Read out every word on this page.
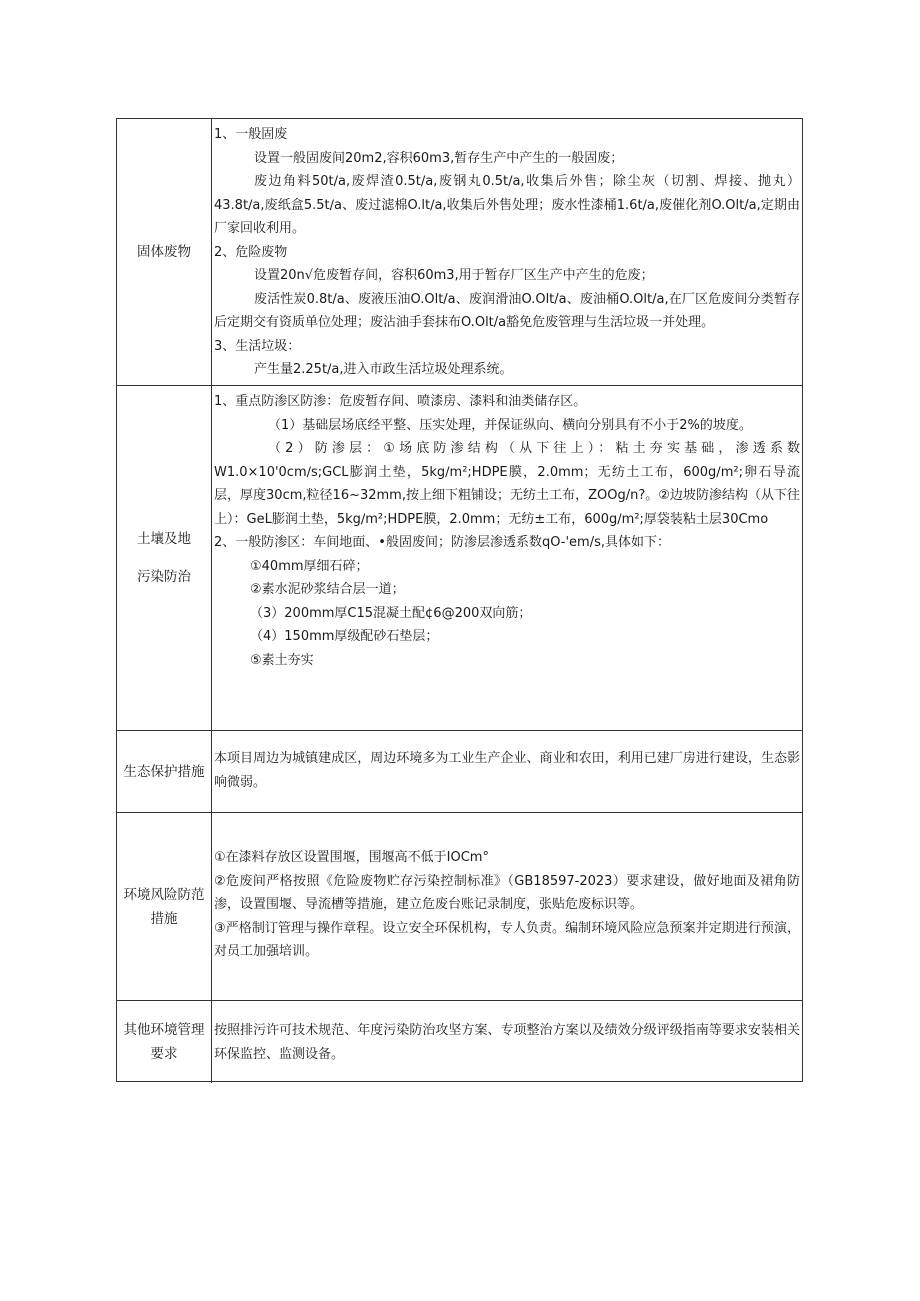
固体废物

1、一般固废

设置一般固废间20m2,容积60m3,暂存生产中产生的一般固废；

废边角料50t∕a,废焊渣0.5t∕a,废钢丸0.5t∕a,收集后外售；除尘灰（切割、焊接、抛丸）43.8t∕a,废纸盒5.5t∕a、废过滤棉O.lt∕a,收集后外售处理；废水性漆桶1.6t∕a,废催化剂O.Olt/a,定期由厂家回收利用。

2、危险废物

设置20n√危废暂存间，容积60m3,用于暂存厂区生产中产生的危废；

废活性炭0.8t/a、废液压油O.Olt/a、废润滑油O.Olt/a、废油桶O.Olt/a,在厂区危废间分类暂存后定期交有资质单位处理；废沾油手套抹布O.Olt/a豁免危废管理与生活垃圾一并处理。

3、生活垃圾：

产生量2.25t∕a,进入市政生活垃圾处理系统。

土壤及地
污染防治

1、重点防渗区防渗：危废暂存间、喷漆房、漆料和油类储存区。

（1）基础层场底经平整、压实处理，并保证纵向、横向分别具有不小于2%的坡度。

（2）防渗层：①场底防渗结构（从下往上）：粘土夯实基础，渗透系数W1.0×10'0cm∕s;GCL膨润土垫，5kg∕m²;HDPE膜，2.0mm；无纺土工布，600g∕m²;卵石导流层，厚度30cm,粒径16~32mm,按上细下粗铺设；无纺土工布，ZOOg/n?。②边坡防渗结构（从下往上）：GeL膨润土垫，5kg∕m²;HDPE膜，2.0mm；无纺±工布，600g∕m²;厚袋装粘土层30Cmo

2、一般防渗区：车间地面、•般固废间；防渗层渗透系数qO-'em/s,具体如下：

①40mm厚细石碎；

②素水泥砂浆结合层一道；

（3）200mm厚C15混凝土配¢6@200双向筋；

（4）150mm厚级配砂石垫层；

⑤素土夯实

生态保护措施

本项目周边为城镇建成区，周边环境多为工业生产企业、商业和农田，利用已建厂房进行建设，生态影响微弱。

环境风险防范措施

①在漆料存放区设置围堰，围堰高不低于IOCm°

②危废间严格按照《危险废物贮存污染控制标准》（GB18597-2023）要求建设，做好地面及裙角防渗，设置围堰、导流槽等措施，建立危废台账记录制度，张贴危废标识等。

③严格制订管理与操作章程。设立安全环保机构，专人负责。编制环境风险应急预案并定期进行预演，对员工加强培训。

其他环境管理要求

按照排污许可技术规范、年度污染防治攻坚方案、专项整治方案以及绩效分级评级指南等要求安装相关环保监控、监测设备。
